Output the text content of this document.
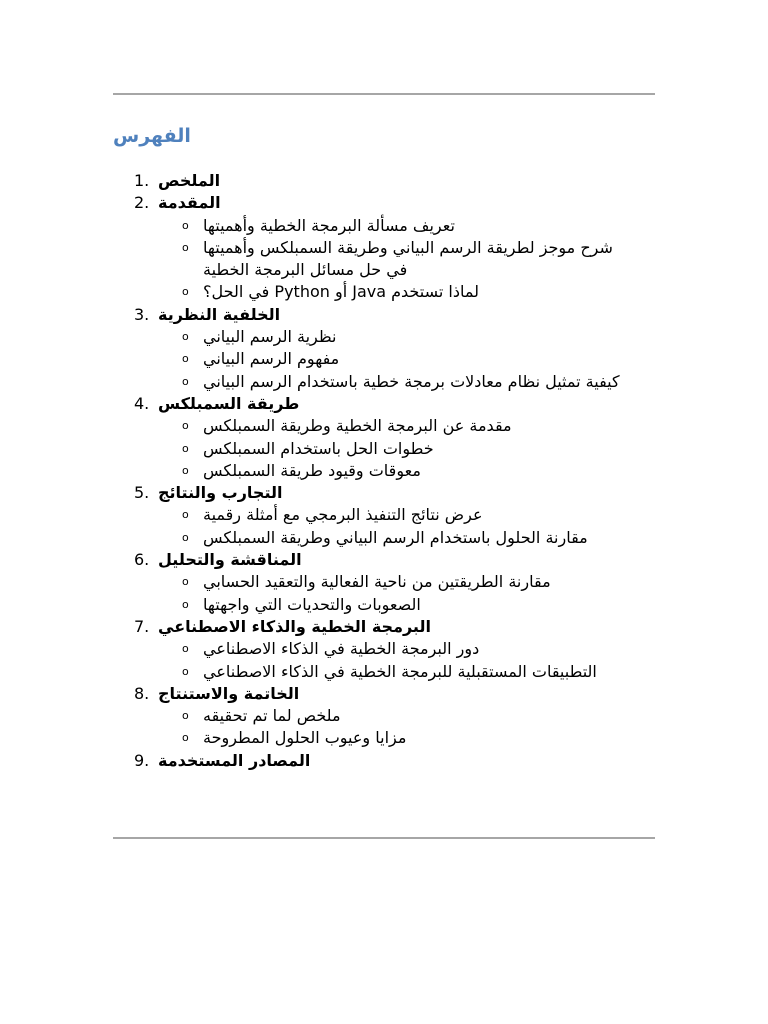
الفهرس
1. الملخص
2. المقدمة
o تعريف مسألة البرمجة الخطية وأهميتها
o شرح موجز لطريقة الرسم البياني وطريقة السمبلكس وأهميتها في حل مسائل البرمجة الخطية
o لماذا تستخدم Java أو Python في الحل؟
3. الخلفية النظرية
o نظرية الرسم البياني
o مفهوم الرسم البياني
o كيفية تمثيل نظام معادلات برمجة خطية باستخدام الرسم البياني
4. طريقة السمبلكس
o مقدمة عن البرمجة الخطية وطريقة السمبلكس
o خطوات الحل باستخدام السمبلكس
o معوقات وقيود طريقة السمبلكس
5. التجارب والنتائج
o عرض نتائج التنفيذ البرمجي مع أمثلة رقمية
o مقارنة الحلول باستخدام الرسم البياني وطريقة السمبلكس
6. المناقشة والتحليل
o مقارنة الطريقتين من ناحية الفعالية والتعقيد الحسابي
o الصعوبات والتحديات التي واجهتها
7. البرمجة الخطية والذكاء الاصطناعي
o دور البرمجة الخطية في الذكاء الاصطناعي
o التطبيقات المستقبلية للبرمجة الخطية في الذكاء الاصطناعي
8. الخاتمة والاستنتاج
o ملخص لما تم تحقيقه
o مزايا وعيوب الحلول المطروحة
9. المصادر المستخدمة
